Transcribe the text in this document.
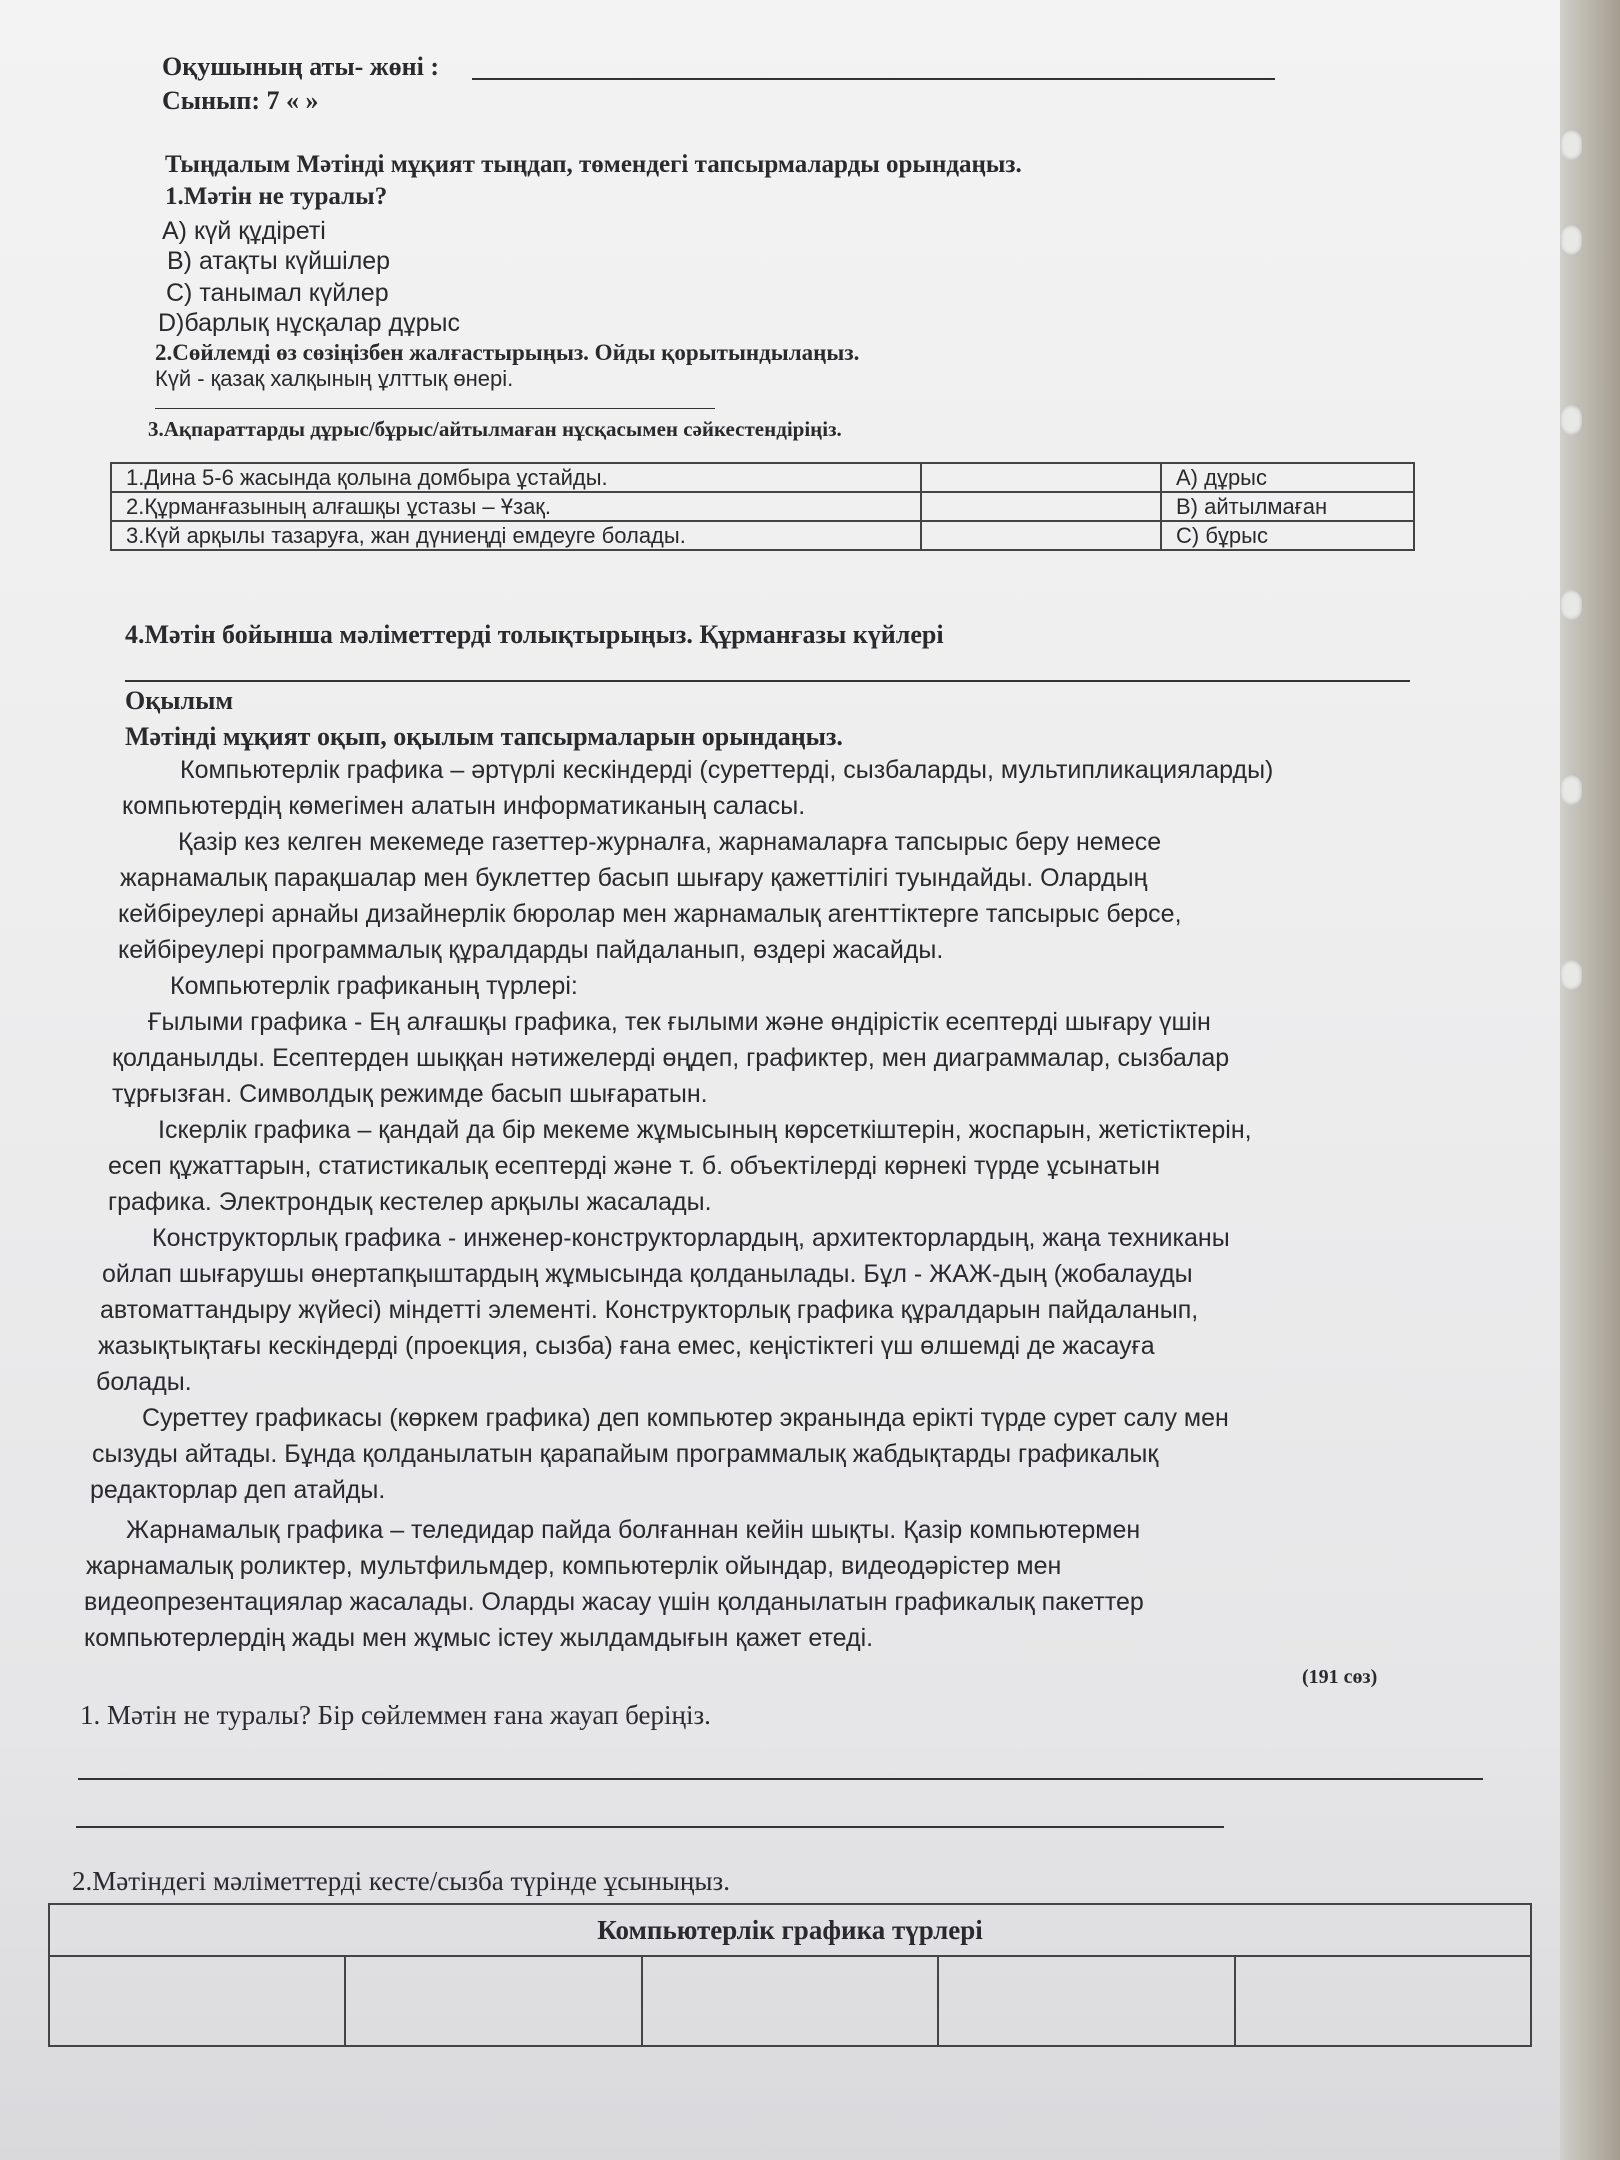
Оқушының аты- жөні :
Сынып: 7 « »
Тыңдалым Мәтінді мұқият тыңдап, төмендегі тапсырмаларды орындаңыз.
1.Мәтін не туралы?
А) күй құдіреті
В) атақты күйшілер
С) танымал күйлер
D)барлық нұсқалар дұрыс
2.Сөйлемді өз сөзіңізбен жалғастырыңыз. Ойды қорытындылаңыз.
Күй - қазақ халқының ұлттық өнері.
3.Ақпараттарды дұрыс/бұрыс/айтылмаған нұсқасымен сәйкестендіріңіз.
1.Дина 5-6 жасында қолына домбыра ұстайды.		А) дұрыс
2.Құрманғазының алғашқы ұстазы – Ұзақ.		В) айтылмаған
3.Күй арқылы тазаруға, жан дүниеңді емдеуге болады.		С) бұрыс
4.Мәтін бойынша мәліметтерді толықтырыңыз. Құрманғазы күйлері
Оқылым
Мәтінді мұқият оқып, оқылым тапсырмаларын орындаңыз.
Компьютерлік графика – әртүрлі кескіндерді (суреттерді, сызбаларды, мультипликацияларды)
компьютердің көмегімен алатын информатиканың саласы.
Қазір кез келген мекемеде газеттер-журналға, жарнамаларға тапсырыс беру немесе
жарнамалық парақшалар мен буклеттер басып шығару қажеттілігі туындайды. Олардың
кейбіреулері арнайы дизайнерлік бюролар мен жарнамалық агенттіктерге тапсырыс берсе,
кейбіреулері программалық құралдарды пайдаланып, өздері жасайды.
Компьютерлік графиканың түрлері:
Ғылыми графика - Ең алғашқы графика, тек ғылыми және өндірістік есептерді шығару үшін
қолданылды. Есептерден шыққан нәтижелерді өңдеп, графиктер, мен диаграммалар, сызбалар
тұрғызған. Символдық режимде басып шығаратын.
Іскерлік графика – қандай да бір мекеме жұмысының көрсеткіштерін, жоспарын, жетістіктерін,
есеп құжаттарын, статистикалық есептерді және т. б. объектілерді көрнекі түрде ұсынатын
графика. Электрондық кестелер арқылы жасалады.
Конструкторлық графика - инженер-конструкторлардың, архитекторлардың, жаңа техниканы
ойлап шығарушы өнертапқыштардың жұмысында қолданылады. Бұл - ЖАЖ-дың (жобалауды
автоматтандыру жүйесі) міндетті элементі. Конструкторлық графика құралдарын пайдаланып,
жазықтықтағы кескіндерді (проекция, сызба) ғана емес, кеңістіктегі үш өлшемді де жасауға
болады.
Суреттеу графикасы (көркем графика) деп компьютер экранында ерікті түрде сурет салу мен
сызуды айтады. Бұнда қолданылатын қарапайым программалық жабдықтарды графикалық
редакторлар деп атайды.
Жарнамалық графика – теледидар пайда болғаннан кейін шықты. Қазір компьютермен
жарнамалық роликтер, мультфильмдер, компьютерлік ойындар, видеодәрістер мен
видеопрезентациялар жасалады. Оларды жасау үшін қолданылатын графикалық пакеттер
компьютерлердің жады мен жұмыс істеу жылдамдығын қажет етеді.
(191 сөз)
1. Мәтін не туралы? Бір сөйлеммен ғана жауап беріңіз.
2.Мәтіндегі мәліметтерді кесте/сызба түрінде ұсыныңыз.
Компьютерлік графика түрлері
